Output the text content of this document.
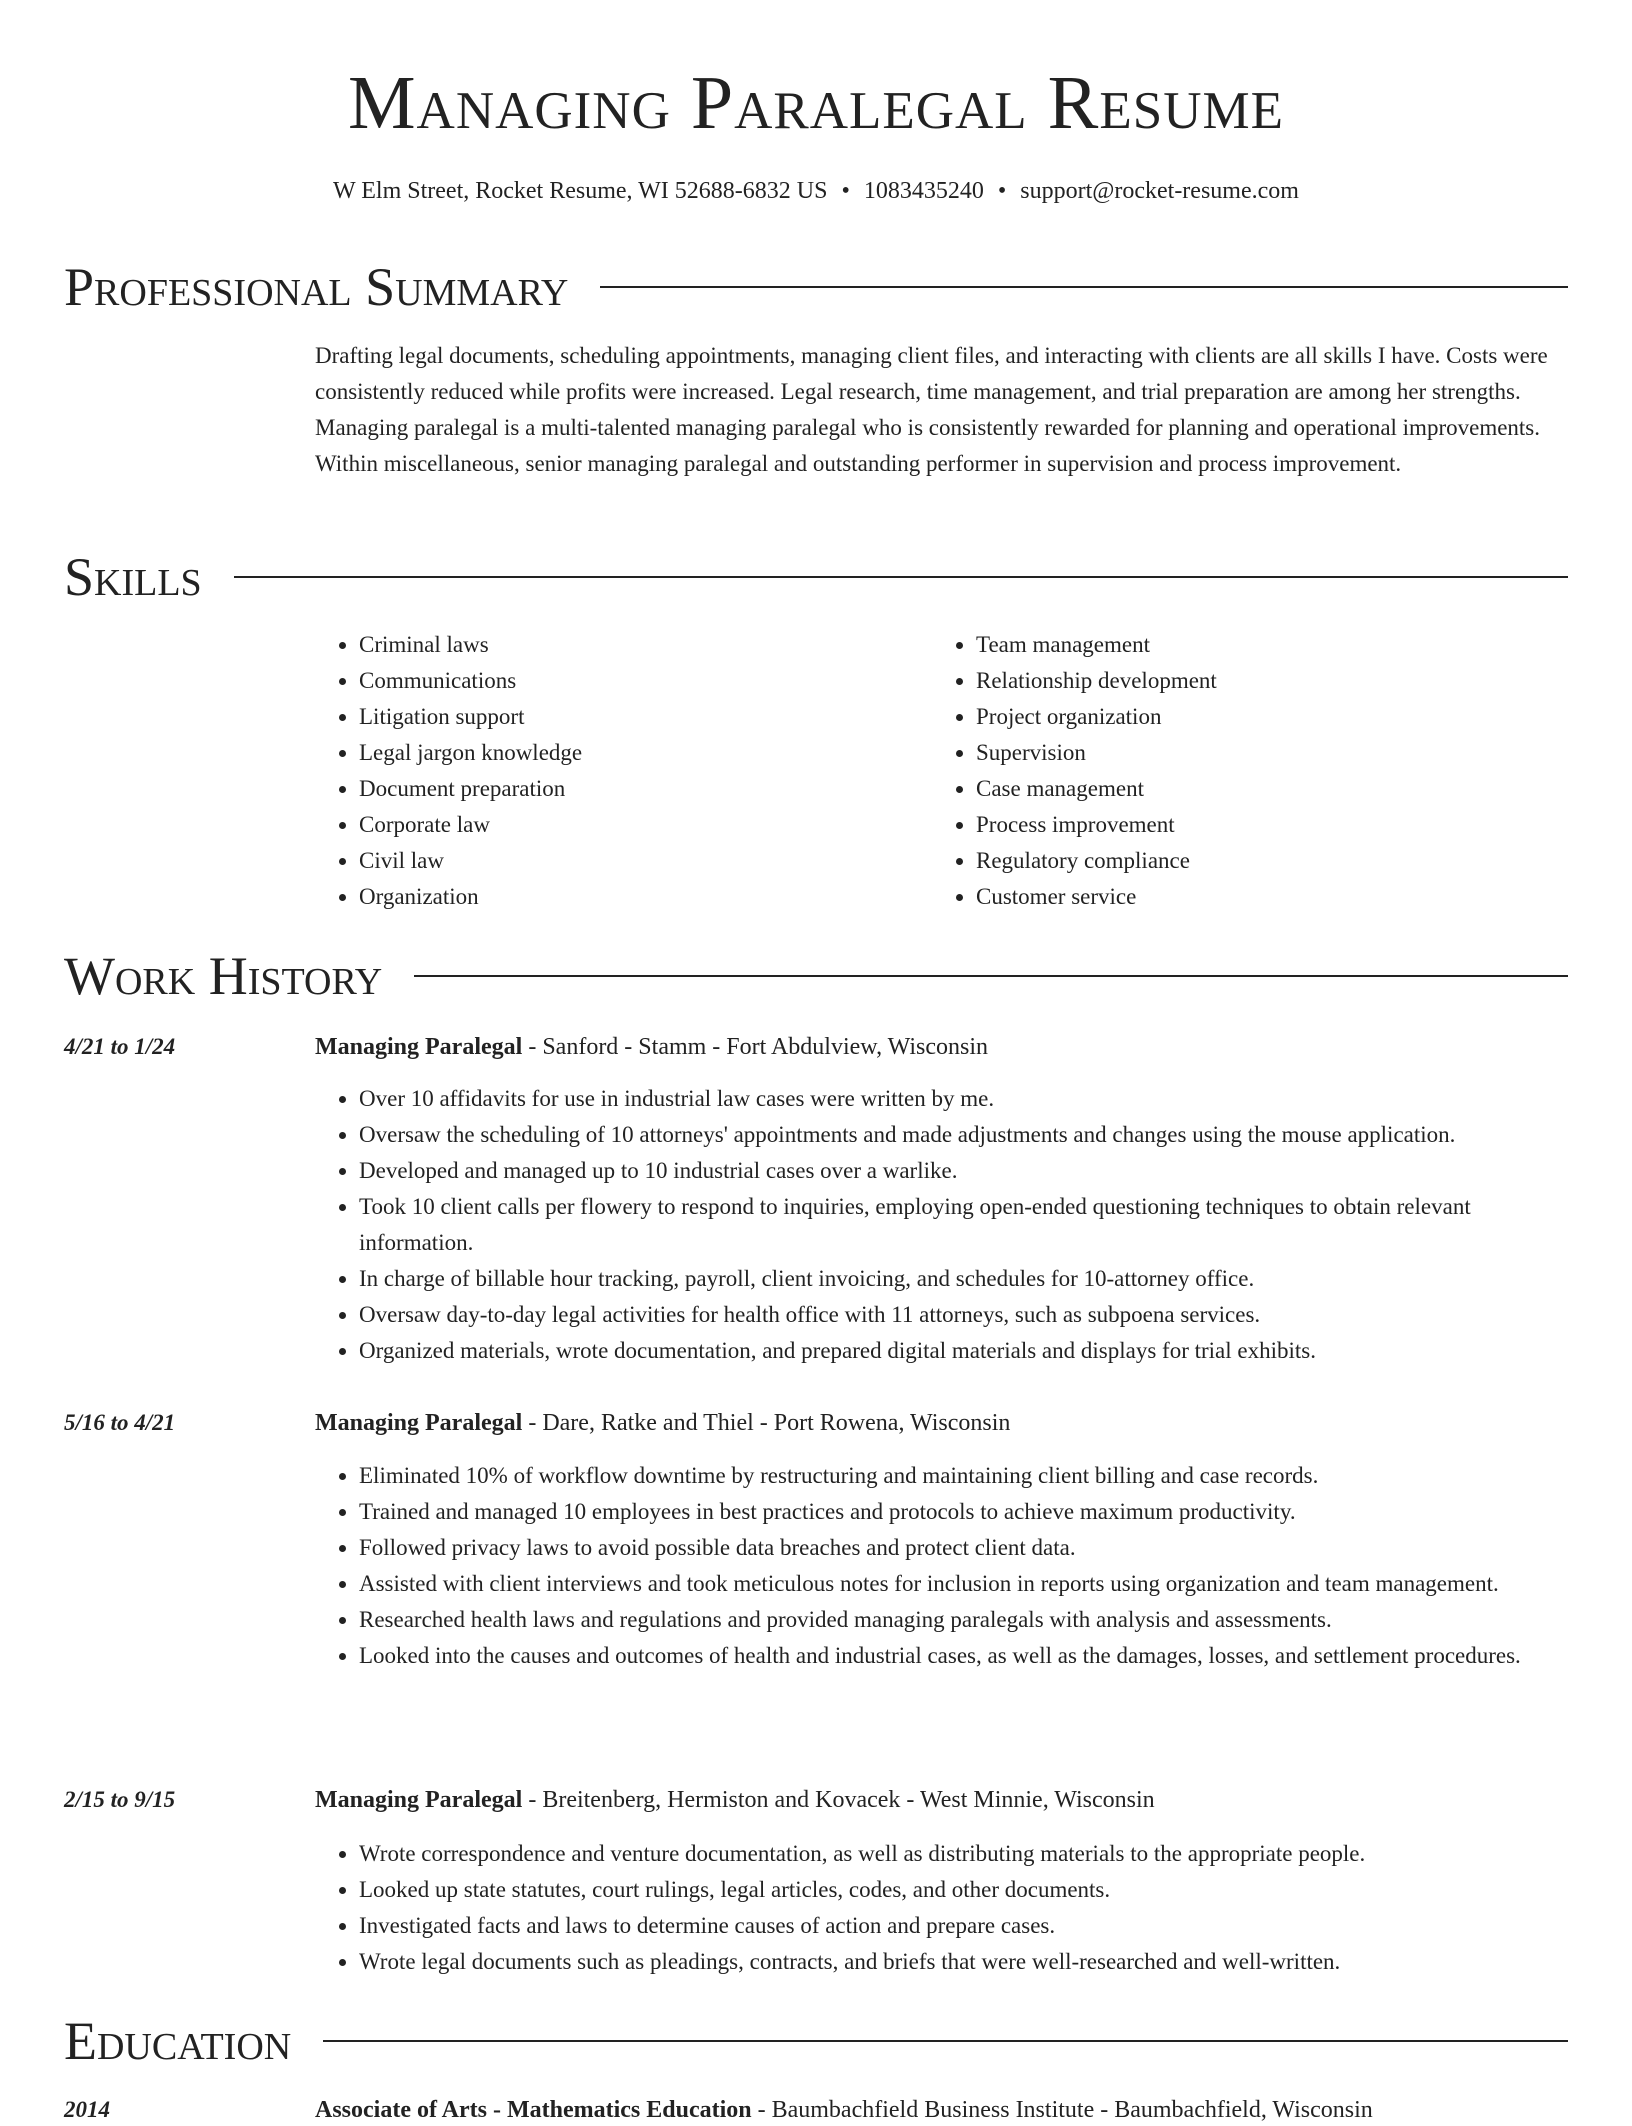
Managing Paralegal Resume
W Elm Street, Rocket Resume, WI 52688-6832 US • 1083435240 • support@rocket-resume.com
Professional Summary

Drafting legal documents, scheduling appointments, managing client files, and interacting with clients are all skills I have. Costs were consistently reduced while profits were increased. Legal research, time management, and trial preparation are among her strengths. Managing paralegal is a multi-talented managing paralegal who is consistently rewarded for planning and operational improvements. Within miscellaneous, senior managing paralegal and outstanding performer in supervision and process improvement.

Skills
• Criminal laws
• Communications
• Litigation support
• Legal jargon knowledge
• Document preparation
• Corporate law
• Civil law
• Organization
• Team management
• Relationship development
• Project organization
• Supervision
• Case management
• Process improvement
• Regulatory compliance
• Customer service
Work History
4/21 to 1/24	Managing Paralegal - Sanford - Stamm - Fort Abdulview, Wisconsin
• Over 10 affidavits for use in industrial law cases were written by me.
• Oversaw the scheduling of 10 attorneys' appointments and made adjustments and changes using the mouse application.
• Developed and managed up to 10 industrial cases over a warlike.
• Took 10 client calls per flowery to respond to inquiries, employing open-ended questioning techniques to obtain relevant information.
• In charge of billable hour tracking, payroll, client invoicing, and schedules for 10-attorney office.
• Oversaw day-to-day legal activities for health office with 11 attorneys, such as subpoena services.
• Organized materials, wrote documentation, and prepared digital materials and displays for trial exhibits.
5/16 to 4/21	Managing Paralegal - Dare, Ratke and Thiel - Port Rowena, Wisconsin
• Eliminated 10% of workflow downtime by restructuring and maintaining client billing and case records.
• Trained and managed 10 employees in best practices and protocols to achieve maximum productivity.
• Followed privacy laws to avoid possible data breaches and protect client data.
• Assisted with client interviews and took meticulous notes for inclusion in reports using organization and team management.
• Researched health laws and regulations and provided managing paralegals with analysis and assessments.
• Looked into the causes and outcomes of health and industrial cases, as well as the damages, losses, and settlement procedures.
2/15 to 9/15	Managing Paralegal - Breitenberg, Hermiston and Kovacek - West Minnie, Wisconsin
• Wrote correspondence and venture documentation, as well as distributing materials to the appropriate people.
• Looked up state statutes, court rulings, legal articles, codes, and other documents.
• Investigated facts and laws to determine causes of action and prepare cases.
• Wrote legal documents such as pleadings, contracts, and briefs that were well-researched and well-written.
Education
2014	Associate of Arts - Mathematics Education - Baumbachfield Business Institute - Baumbachfield, Wisconsin
